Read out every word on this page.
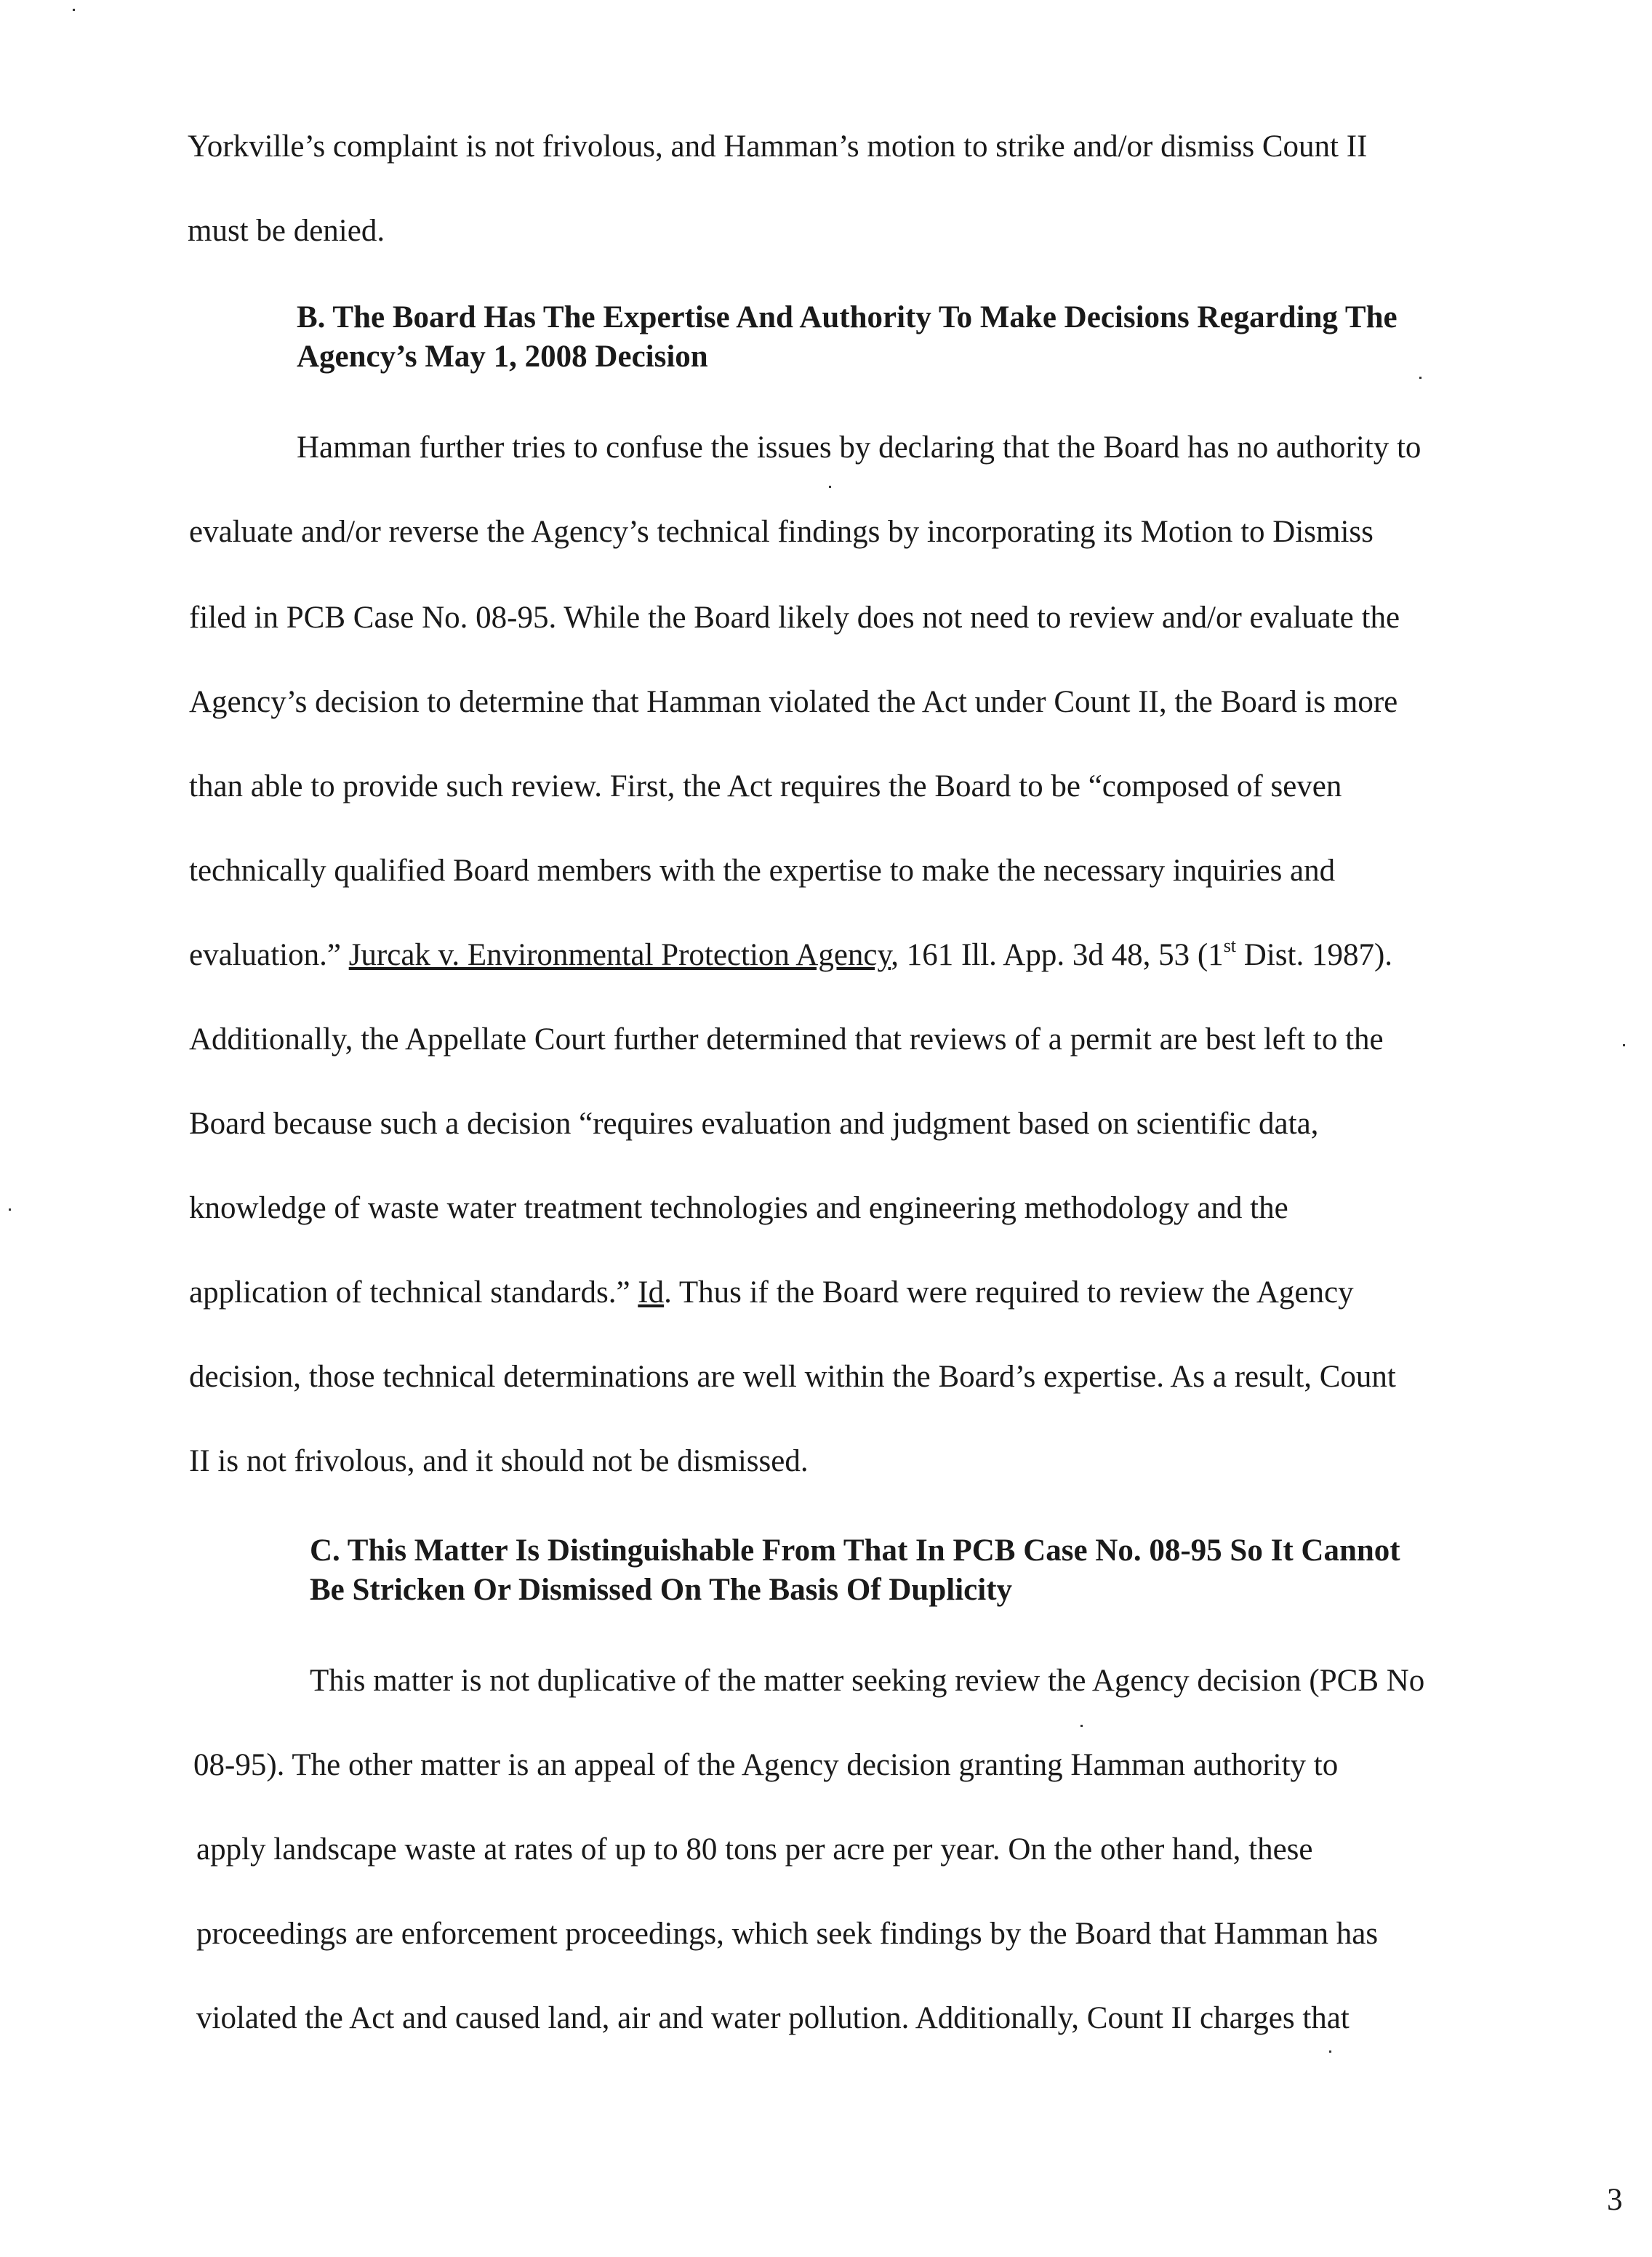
Yorkville’s complaint is not frivolous, and Hamman’s motion to strike and/or dismiss Count II
must be denied.
B. The Board Has The Expertise And Authority To Make Decisions Regarding The
Agency’s May 1, 2008 Decision
Hamman further tries to confuse the issues by declaring that the Board has no authority to
evaluate and/or reverse the Agency’s technical findings by incorporating its Motion to Dismiss
filed in PCB Case No. 08-95. While the Board likely does not need to review and/or evaluate the
Agency’s decision to determine that Hamman violated the Act under Count II, the Board is more
than able to provide such review. First, the Act requires the Board to be “composed of seven
technically qualified Board members with the expertise to make the necessary inquiries and
evaluation.” Jurcak v. Environmental Protection Agency, 161 Ill. App. 3d 48, 53 (1st Dist. 1987).
Additionally, the Appellate Court further determined that reviews of a permit are best left to the
Board because such a decision “requires evaluation and judgment based on scientific data,
knowledge of waste water treatment technologies and engineering methodology and the
application of technical standards.” Id. Thus if the Board were required to review the Agency
decision, those technical determinations are well within the Board’s expertise. As a result, Count
II is not frivolous, and it should not be dismissed.
C. This Matter Is Distinguishable From That In PCB Case No. 08-95 So It Cannot
Be Stricken Or Dismissed On The Basis Of Duplicity
This matter is not duplicative of the matter seeking review the Agency decision (PCB No
08-95). The other matter is an appeal of the Agency decision granting Hamman authority to
apply landscape waste at rates of up to 80 tons per acre per year. On the other hand, these
proceedings are enforcement proceedings, which seek findings by the Board that Hamman has
violated the Act and caused land, air and water pollution. Additionally, Count II charges that
3
